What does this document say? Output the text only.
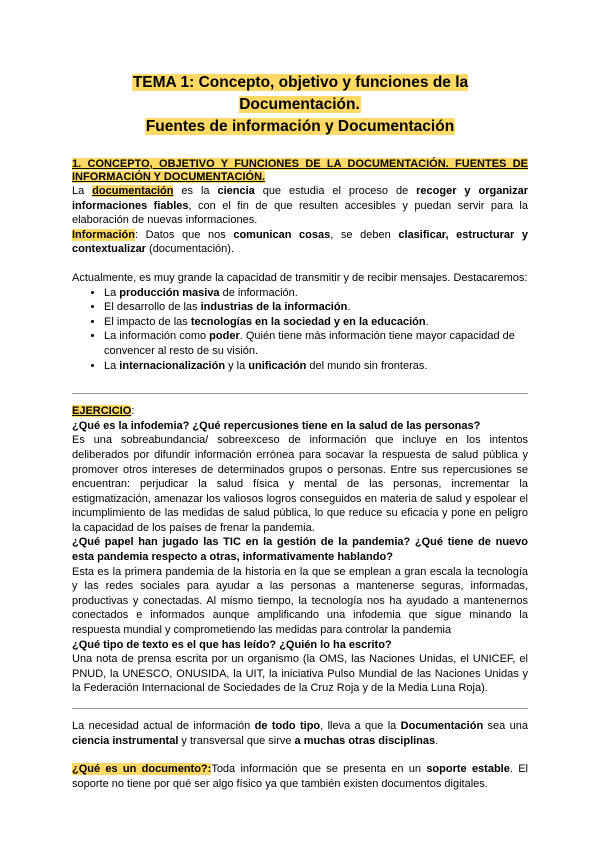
TEMA 1: Concepto, objetivo y funciones de la Documentación.
Fuentes de información y Documentación
1. CONCEPTO, OBJETIVO Y FUNCIONES DE LA DOCUMENTACIÓN. FUENTES DE INFORMACIÓN Y DOCUMENTACIÓN.

La documentación es la ciencia que estudia el proceso de recoger y organizar informaciones fiables, con el fin de que resulten accesibles y puedan servir para la elaboración de nuevas informaciones.

Información: Datos que nos comunican cosas, se deben clasificar, estructurar y contextualizar (documentación).

Actualmente, es muy grande la capacidad de transmitir y de recibir mensajes. Destacaremos:

• La producción masiva de información.
• El desarrollo de las industrias de la información.
• El impacto de las tecnologías en la sociedad y en la educación.
• La información como poder. Quién tiene más información tiene mayor capacidad de convencer al resto de su visión.
• La internacionalización y la unificación del mundo sin fronteras.

EJERCICIO:

¿Qué es la infodemia? ¿Qué repercusiones tiene en la salud de las personas?

Es una sobreabundancia/ sobreexceso de información que incluye en los intentos deliberados por difundir información errónea para socavar la respuesta de salud pública y promover otros intereses de determinados grupos o personas. Entre sus repercusiones se encuentran: perjudicar la salud física y mental de las personas, incrementar la estigmatización, amenazar los valiosos logros conseguidos en materia de salud y espolear el incumplimiento de las medidas de salud pública, lo que reduce su eficacia y pone en peligro la capacidad de los países de frenar la pandemia.

¿Qué papel han jugado las TIC en la gestión de la pandemia? ¿Qué tiene de nuevo esta pandemia respecto a otras, informativamente hablando?

Esta es la primera pandemia de la historia en la que se emplean a gran escala la tecnología y las redes sociales para ayudar a las personas a mantenerse seguras, informadas, productivas y conectadas. Al mismo tiempo, la tecnología nos ha ayudado a mantenernos conectados e informados aunque amplificando una infodemia que sigue minando la respuesta mundial y comprometiendo las medidas para controlar la pandemia

¿Qué tipo de texto es el que has leído? ¿Quién lo ha escrito?

Una nota de prensa escrita por un organismo (la OMS, las Naciones Unidas, el UNICEF, el PNUD, la UNESCO, ONUSIDA, la UIT, la iniciativa Pulso Mundial de las Naciones Unidas y la Federación Internacional de Sociedades de la Cruz Roja y de la Media Luna Roja).

La necesidad actual de información de todo tipo, lleva a que la Documentación sea una ciencia instrumental y transversal que sirve a muchas otras disciplinas.

¿Qué es un documento?:Toda información que se presenta en un soporte estable. El soporte no tiene por qué ser algo físico ya que también existen documentos digitales.
